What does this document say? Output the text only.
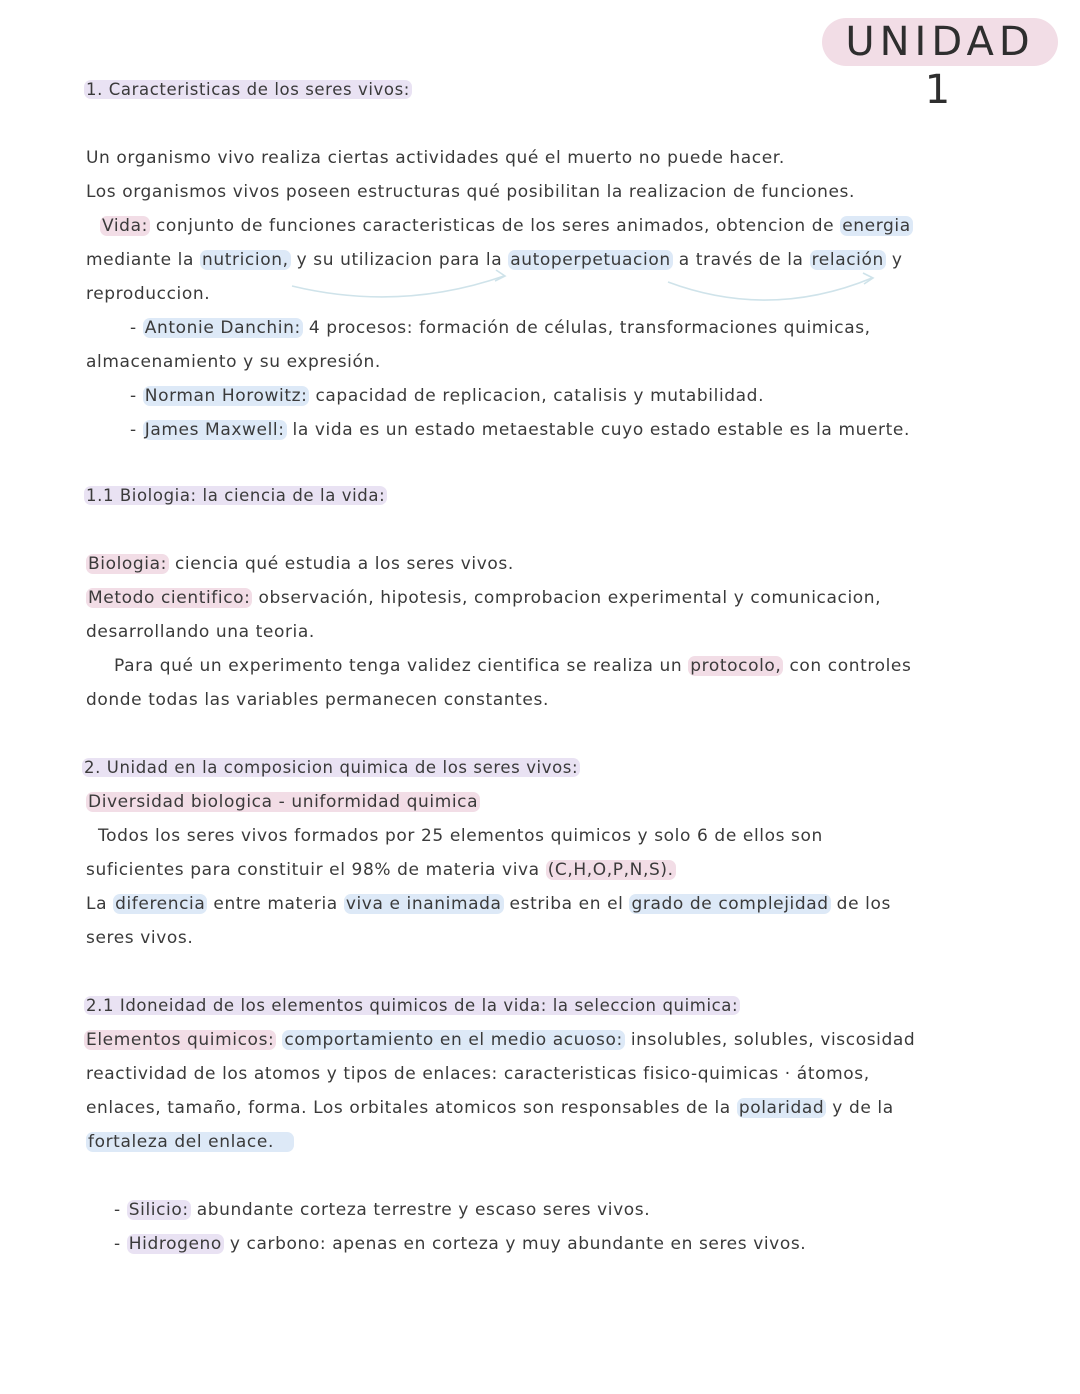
UNIDAD 1
1. Caracteristicas de los seres vivos:
Un organismo vivo realiza ciertas actividades qué el muerto no puede hacer.
Los organismos vivos poseen estructuras qué posibilitan la realizacion de funciones.
Vida: conjunto de funciones caracteristicas de los seres animados, obtencion de energia
mediante la nutricion, y su utilizacion para la autoperpetuacion a través de la relación y
reproduccion.
- Antonie Danchin: 4 procesos: formación de células, transformaciones quimicas,
almacenamiento y su expresión.
- Norman Horowitz: capacidad de replicacion, catalisis y mutabilidad.
- James Maxwell: la vida es un estado metaestable cuyo estado estable es la muerte.
1.1 Biologia: la ciencia de la vida:
Biologia: ciencia qué estudia a los seres vivos.
Metodo cientifico: observación, hipotesis, comprobacion experimental y comunicacion,
desarrollando una teoria.
Para qué un experimento tenga validez cientifica se realiza un protocolo, con controles
donde todas las variables permanecen constantes.
2. Unidad en la composicion quimica de los seres vivos:
Diversidad biologica - uniformidad quimica
Todos los seres vivos formados por 25 elementos quimicos y solo 6 de ellos son
suficientes para constituir el 98% de materia viva (C,H,O,P,N,S).
La diferencia entre materia viva e inanimada estriba en el grado de complejidad de los
seres vivos.
2.1 Idoneidad de los elementos quimicos de la vida: la seleccion quimica:
Elementos quimicos: comportamiento en el medio acuoso: insolubles, solubles, viscosidad
reactividad de los atomos y tipos de enlaces: caracteristicas fisico-quimicas · átomos,
enlaces, tamaño, forma. Los orbitales atomicos son responsables de la polaridad y de la
fortaleza del enlace.
- Silicio: abundante corteza terrestre y escaso seres vivos.
- Hidrogeno y carbono: apenas en corteza y muy abundante en seres vivos.
